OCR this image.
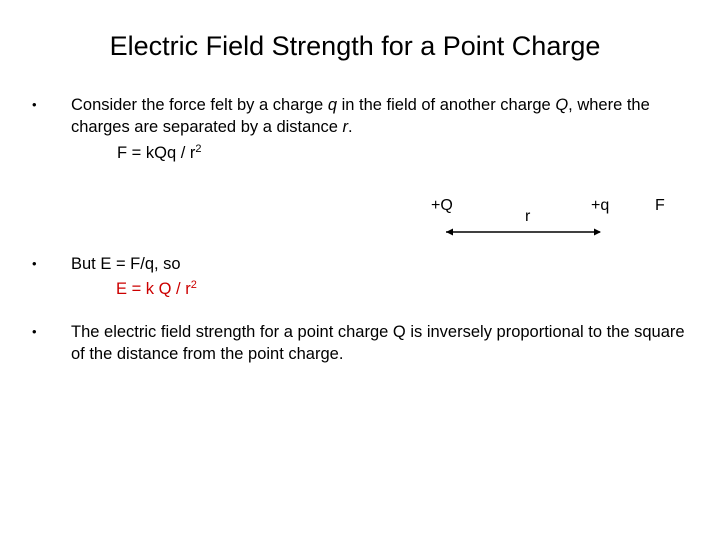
Electric Field Strength for a Point Charge
• Consider the force felt by a charge q in the field of another charge Q, where the charges are separated by a distance r.
F = kQq / $r^2$
+Q
r
+q	F
• But E = F/q, so
E = k Q / $r^2$
• The electric field strength for a point charge Q is inversely proportional to the square of the distance from the point charge.
